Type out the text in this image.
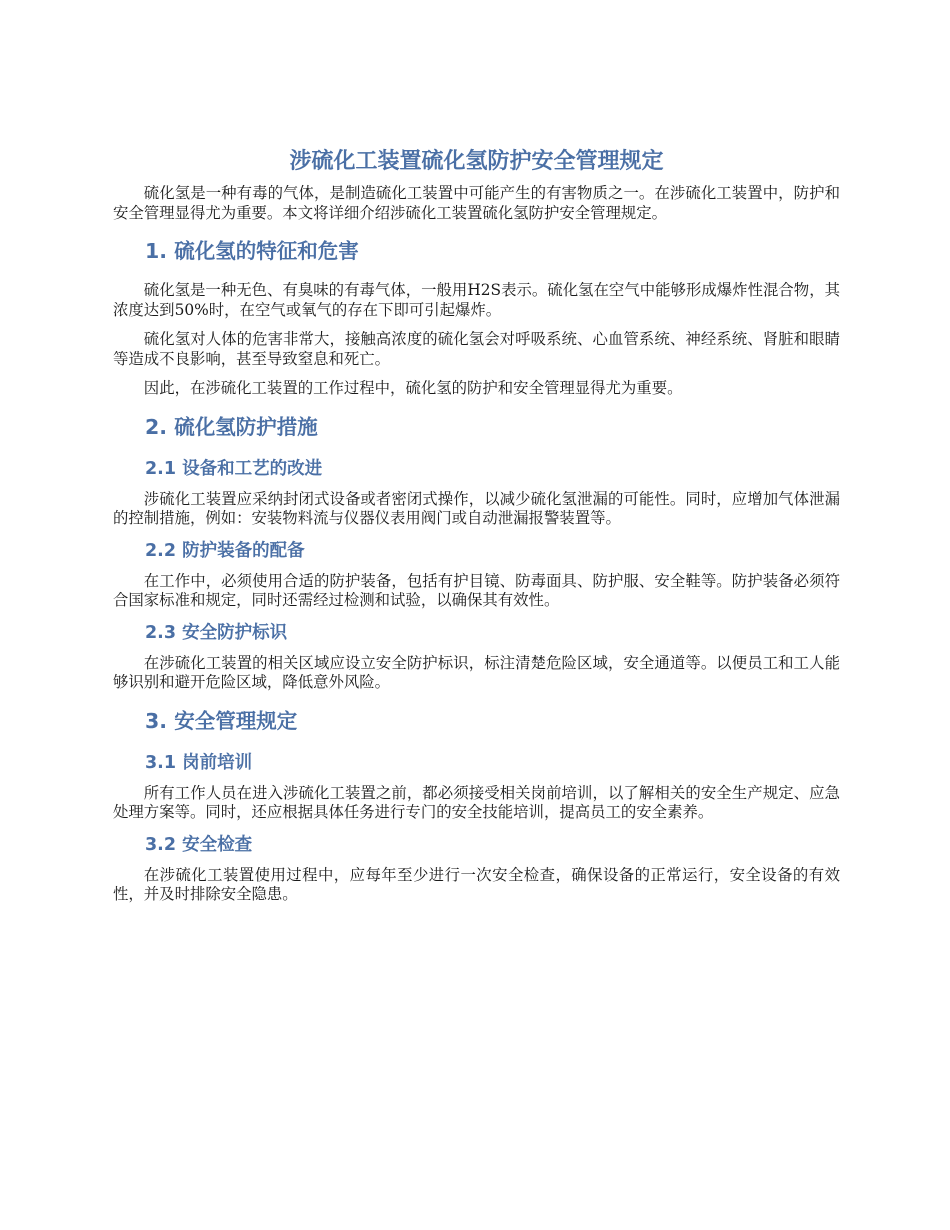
涉硫化工装置硫化氢防护安全管理规定

硫化氢是一种有毒的气体，是制造硫化工装置中可能产生的有害物质之一。在涉硫化工装置中，防护和安全管理显得尤为重要。本文将详细介绍涉硫化工装置硫化氢防护安全管理规定。

1. 硫化氢的特征和危害

硫化氢是一种无色、有臭味的有毒气体，一般用H2S表示。硫化氢在空气中能够形成爆炸性混合物，其浓度达到50%时，在空气或氧气的存在下即可引起爆炸。

硫化氢对人体的危害非常大，接触高浓度的硫化氢会对呼吸系统、心血管系统、神经系统、肾脏和眼睛等造成不良影响，甚至导致窒息和死亡。

因此，在涉硫化工装置的工作过程中，硫化氢的防护和安全管理显得尤为重要。

2. 硫化氢防护措施
2.1 设备和工艺的改进

涉硫化工装置应采纳封闭式设备或者密闭式操作，以减少硫化氢泄漏的可能性。同时，应增加气体泄漏的控制措施，例如：安装物料流与仪器仪表用阀门或自动泄漏报警装置等。

2.2 防护装备的配备

在工作中，必须使用合适的防护装备，包括有护目镜、防毒面具、防护服、安全鞋等。防护装备必须符合国家标准和规定，同时还需经过检测和试验，以确保其有效性。

2.3 安全防护标识

在涉硫化工装置的相关区域应设立安全防护标识，标注清楚危险区域，安全通道等。以便员工和工人能够识别和避开危险区域，降低意外风险。

3. 安全管理规定
3.1 岗前培训

所有工作人员在进入涉硫化工装置之前，都必须接受相关岗前培训，以了解相关的安全生产规定、应急处理方案等。同时，还应根据具体任务进行专门的安全技能培训，提高员工的安全素养。

3.2 安全检查

在涉硫化工装置使用过程中，应每年至少进行一次安全检查，确保设备的正常运行，安全设备的有效性，并及时排除安全隐患。
